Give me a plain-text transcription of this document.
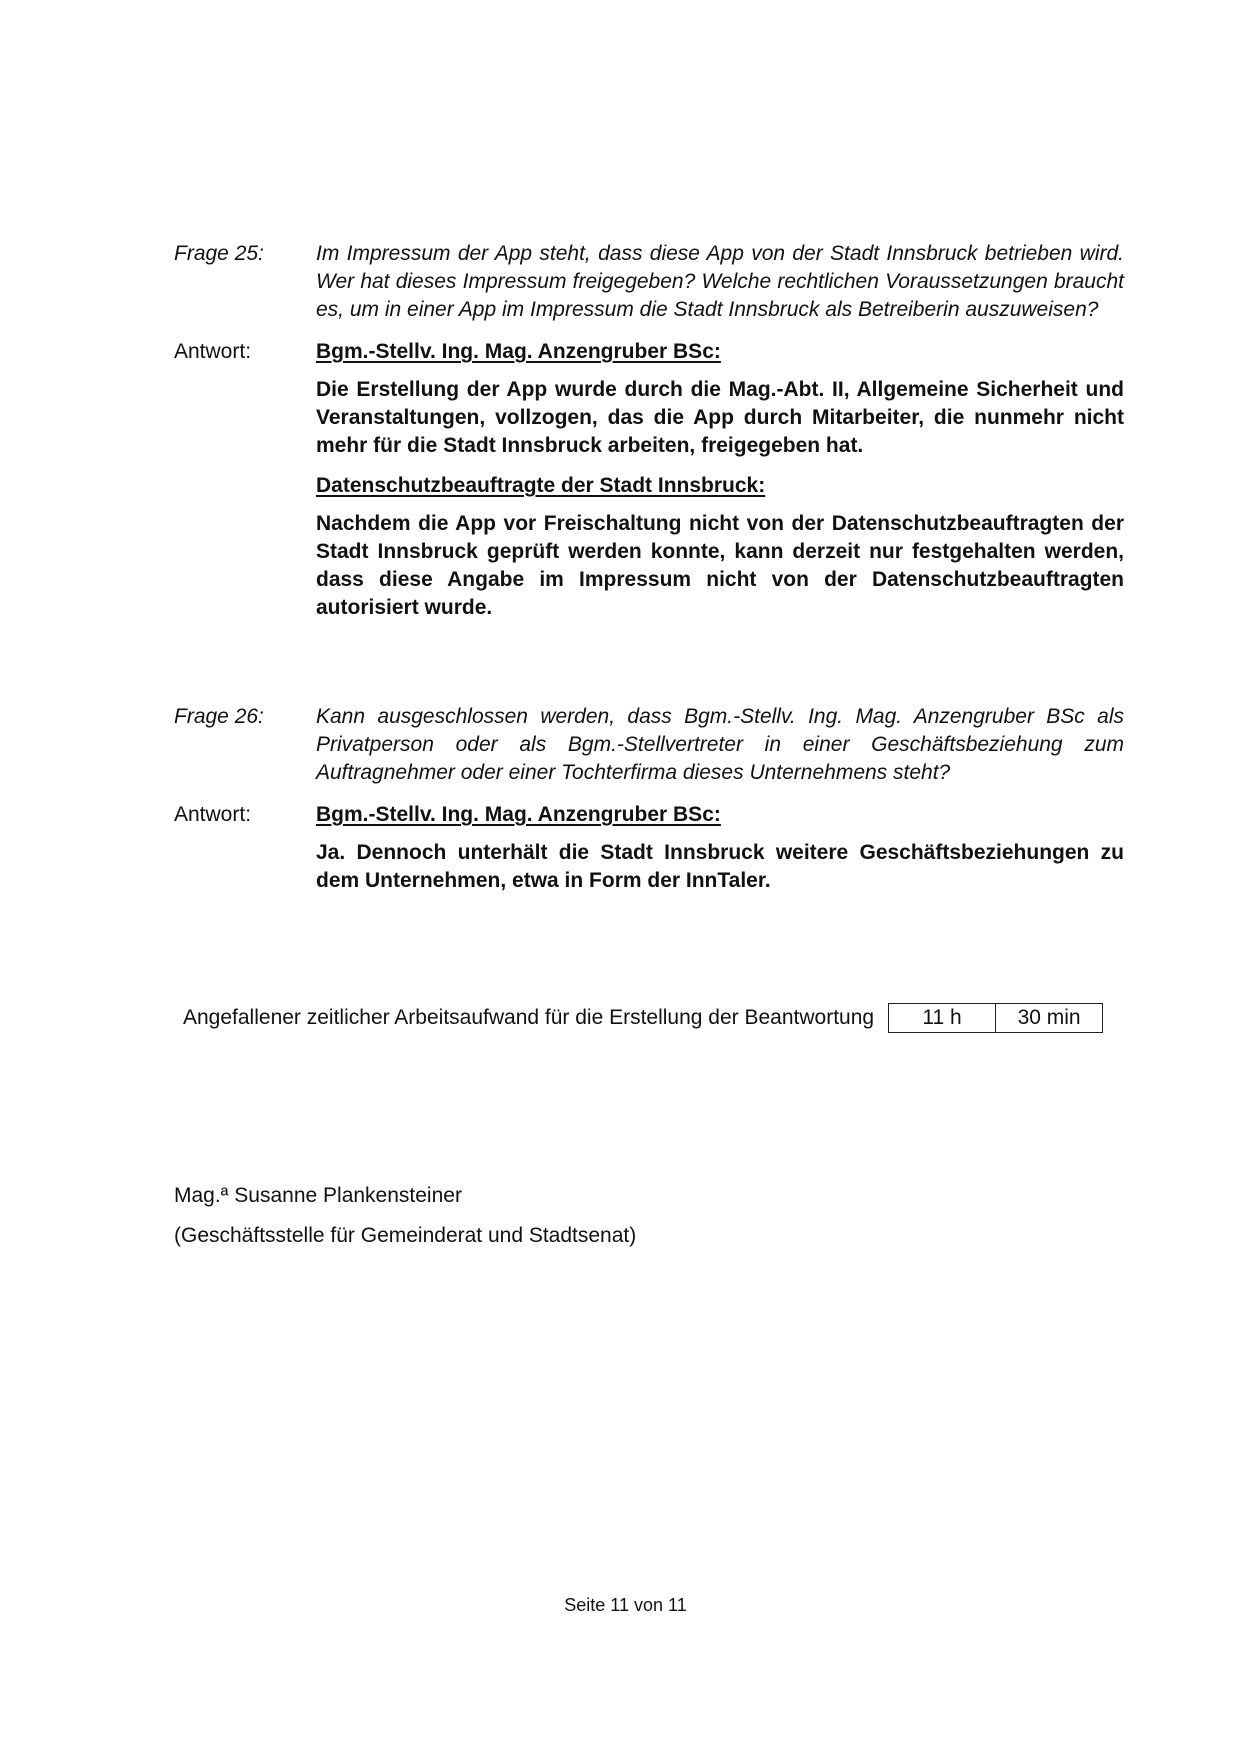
Frage 25:	Im Impressum der App steht, dass diese App von der Stadt Innsbruck betrieben wird. Wer hat dieses Impressum freigegeben? Welche rechtlichen Voraussetzungen braucht es, um in einer App im Impressum die Stadt Innsbruck als Betreiberin auszuweisen?
Antwort:	Bgm.-Stellv. Ing. Mag. Anzengruber BSc:
Die Erstellung der App wurde durch die Mag.-Abt. II, Allgemeine Sicherheit und Veranstaltungen, vollzogen, das die App durch Mitarbeiter, die nunmehr nicht mehr für die Stadt Innsbruck arbeiten, freigegeben hat.
Datenschutzbeauftragte der Stadt Innsbruck:
Nachdem die App vor Freischaltung nicht von der Datenschutzbeauftragten der Stadt Innsbruck geprüft werden konnte, kann derzeit nur festgehalten werden, dass diese Angabe im Impressum nicht von der Datenschutzbeauftragten autorisiert wurde.
Frage 26:	Kann ausgeschlossen werden, dass Bgm.-Stellv. Ing. Mag. Anzengruber BSc als Privatperson oder als Bgm.-Stellvertreter in einer Geschäftsbeziehung zum Auftragnehmer oder einer Tochterfirma dieses Unternehmens steht?
Antwort:	Bgm.-Stellv. Ing. Mag. Anzengruber BSc:
Ja. Dennoch unterhält die Stadt Innsbruck weitere Geschäftsbeziehungen zu dem Unternehmen, etwa in Form der InnTaler.
Angefallener zeitlicher Arbeitsaufwand für die Erstellung der Beantwortung	11 h	30 min
Mag.ª Susanne Plankensteiner
(Geschäftsstelle für Gemeinderat und Stadtsenat)
Seite 11 von 11
